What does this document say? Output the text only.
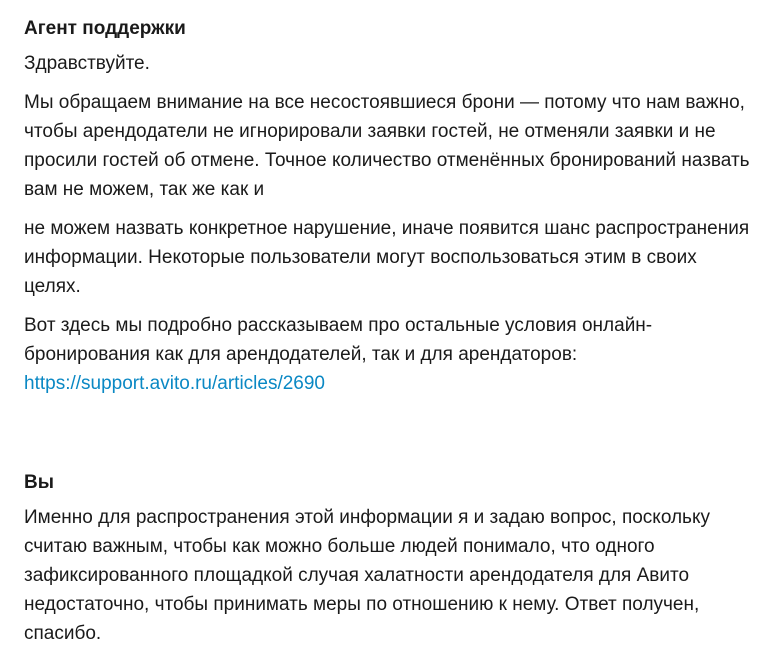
Агент поддержки

Здравствуйте.

Мы обращаем внимание на все несостоявшиеся брони — потому что нам важно, чтобы арендодатели не игнорировали заявки гостей, не отменяли заявки и не просили гостей об отмене. Точное количество отменённых бронирований назвать вам не можем, так же как и

не можем назвать конкретное нарушение, иначе появится шанс распространения информации. Некоторые пользователи могут воспользоваться этим в своих целях.

Вот здесь мы подробно рассказываем про остальные условия онлайн-бронирования как для арендодателей, так и для арендаторов:
https://support.avito.ru/articles/2690

Вы

Именно для распространения этой информации я и задаю вопрос, поскольку считаю важным, чтобы как можно больше людей понимало, что одного зафиксированного площадкой случая халатности арендодателя для Авито недостаточно, чтобы принимать меры по отношению к нему. Ответ получен, спасибо.
